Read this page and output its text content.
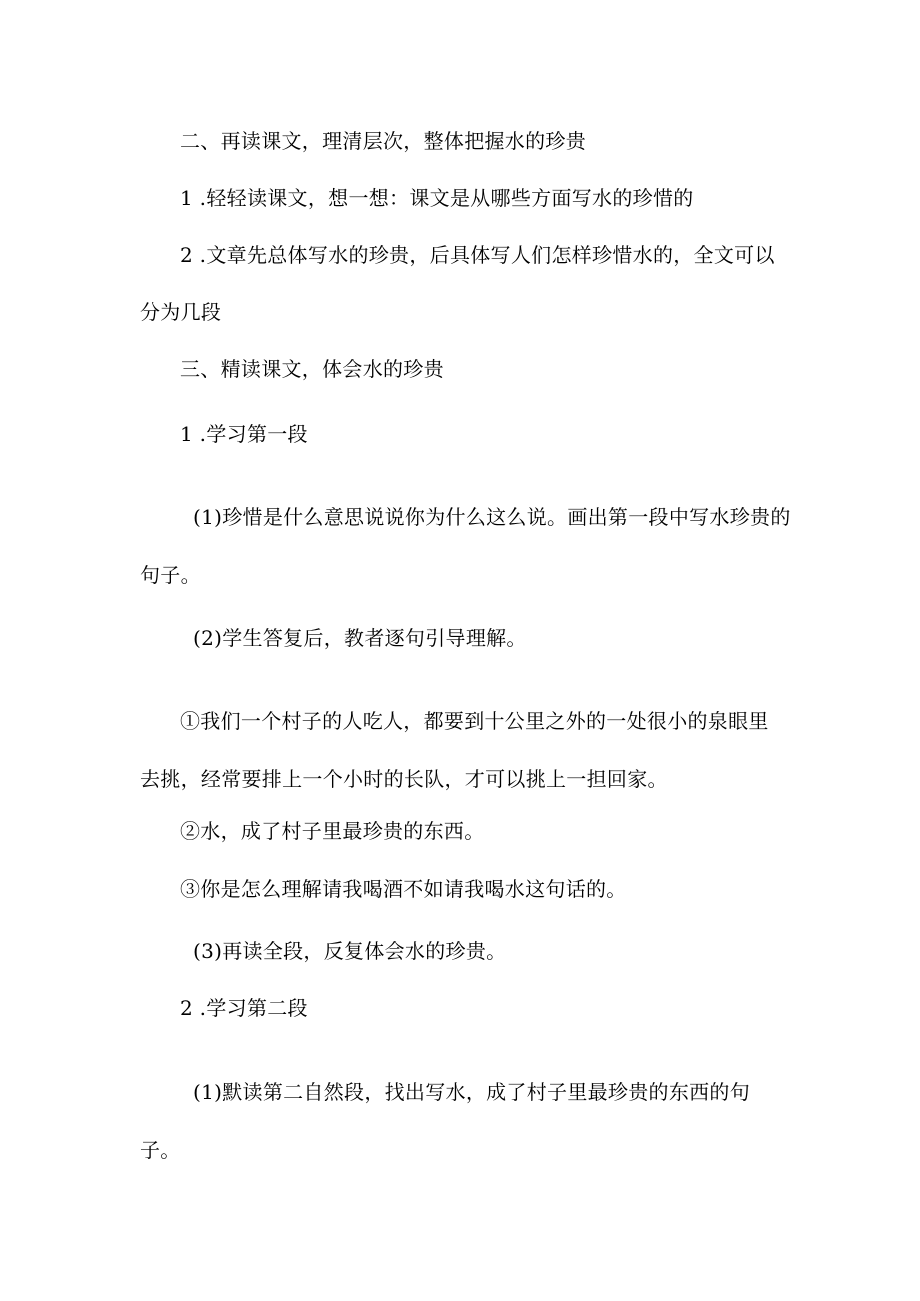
二、再读课文，理清层次，整体把握水的珍贵
1 .轻轻读课文，想一想：课文是从哪些方面写水的珍惜的
2 .文章先总体写水的珍贵，后具体写人们怎样珍惜水的，全文可以
分为几段
三、精读课文，体会水的珍贵
1 .学习第一段
(1)珍惜是什么意思说说你为什么这么说。画出第一段中写水珍贵的
句子。
(2)学生答复后，教者逐句引导理解。
①我们一个村子的人吃人，都要到十公里之外的一处很小的泉眼里
去挑，经常要排上一个小时的长队，才可以挑上一担回家。
②水，成了村子里最珍贵的东西。
③你是怎么理解请我喝酒不如请我喝水这句话的。
(3)再读全段，反复体会水的珍贵。
2 .学习第二段
(1)默读第二自然段，找出写水，成了村子里最珍贵的东西的句
子。
